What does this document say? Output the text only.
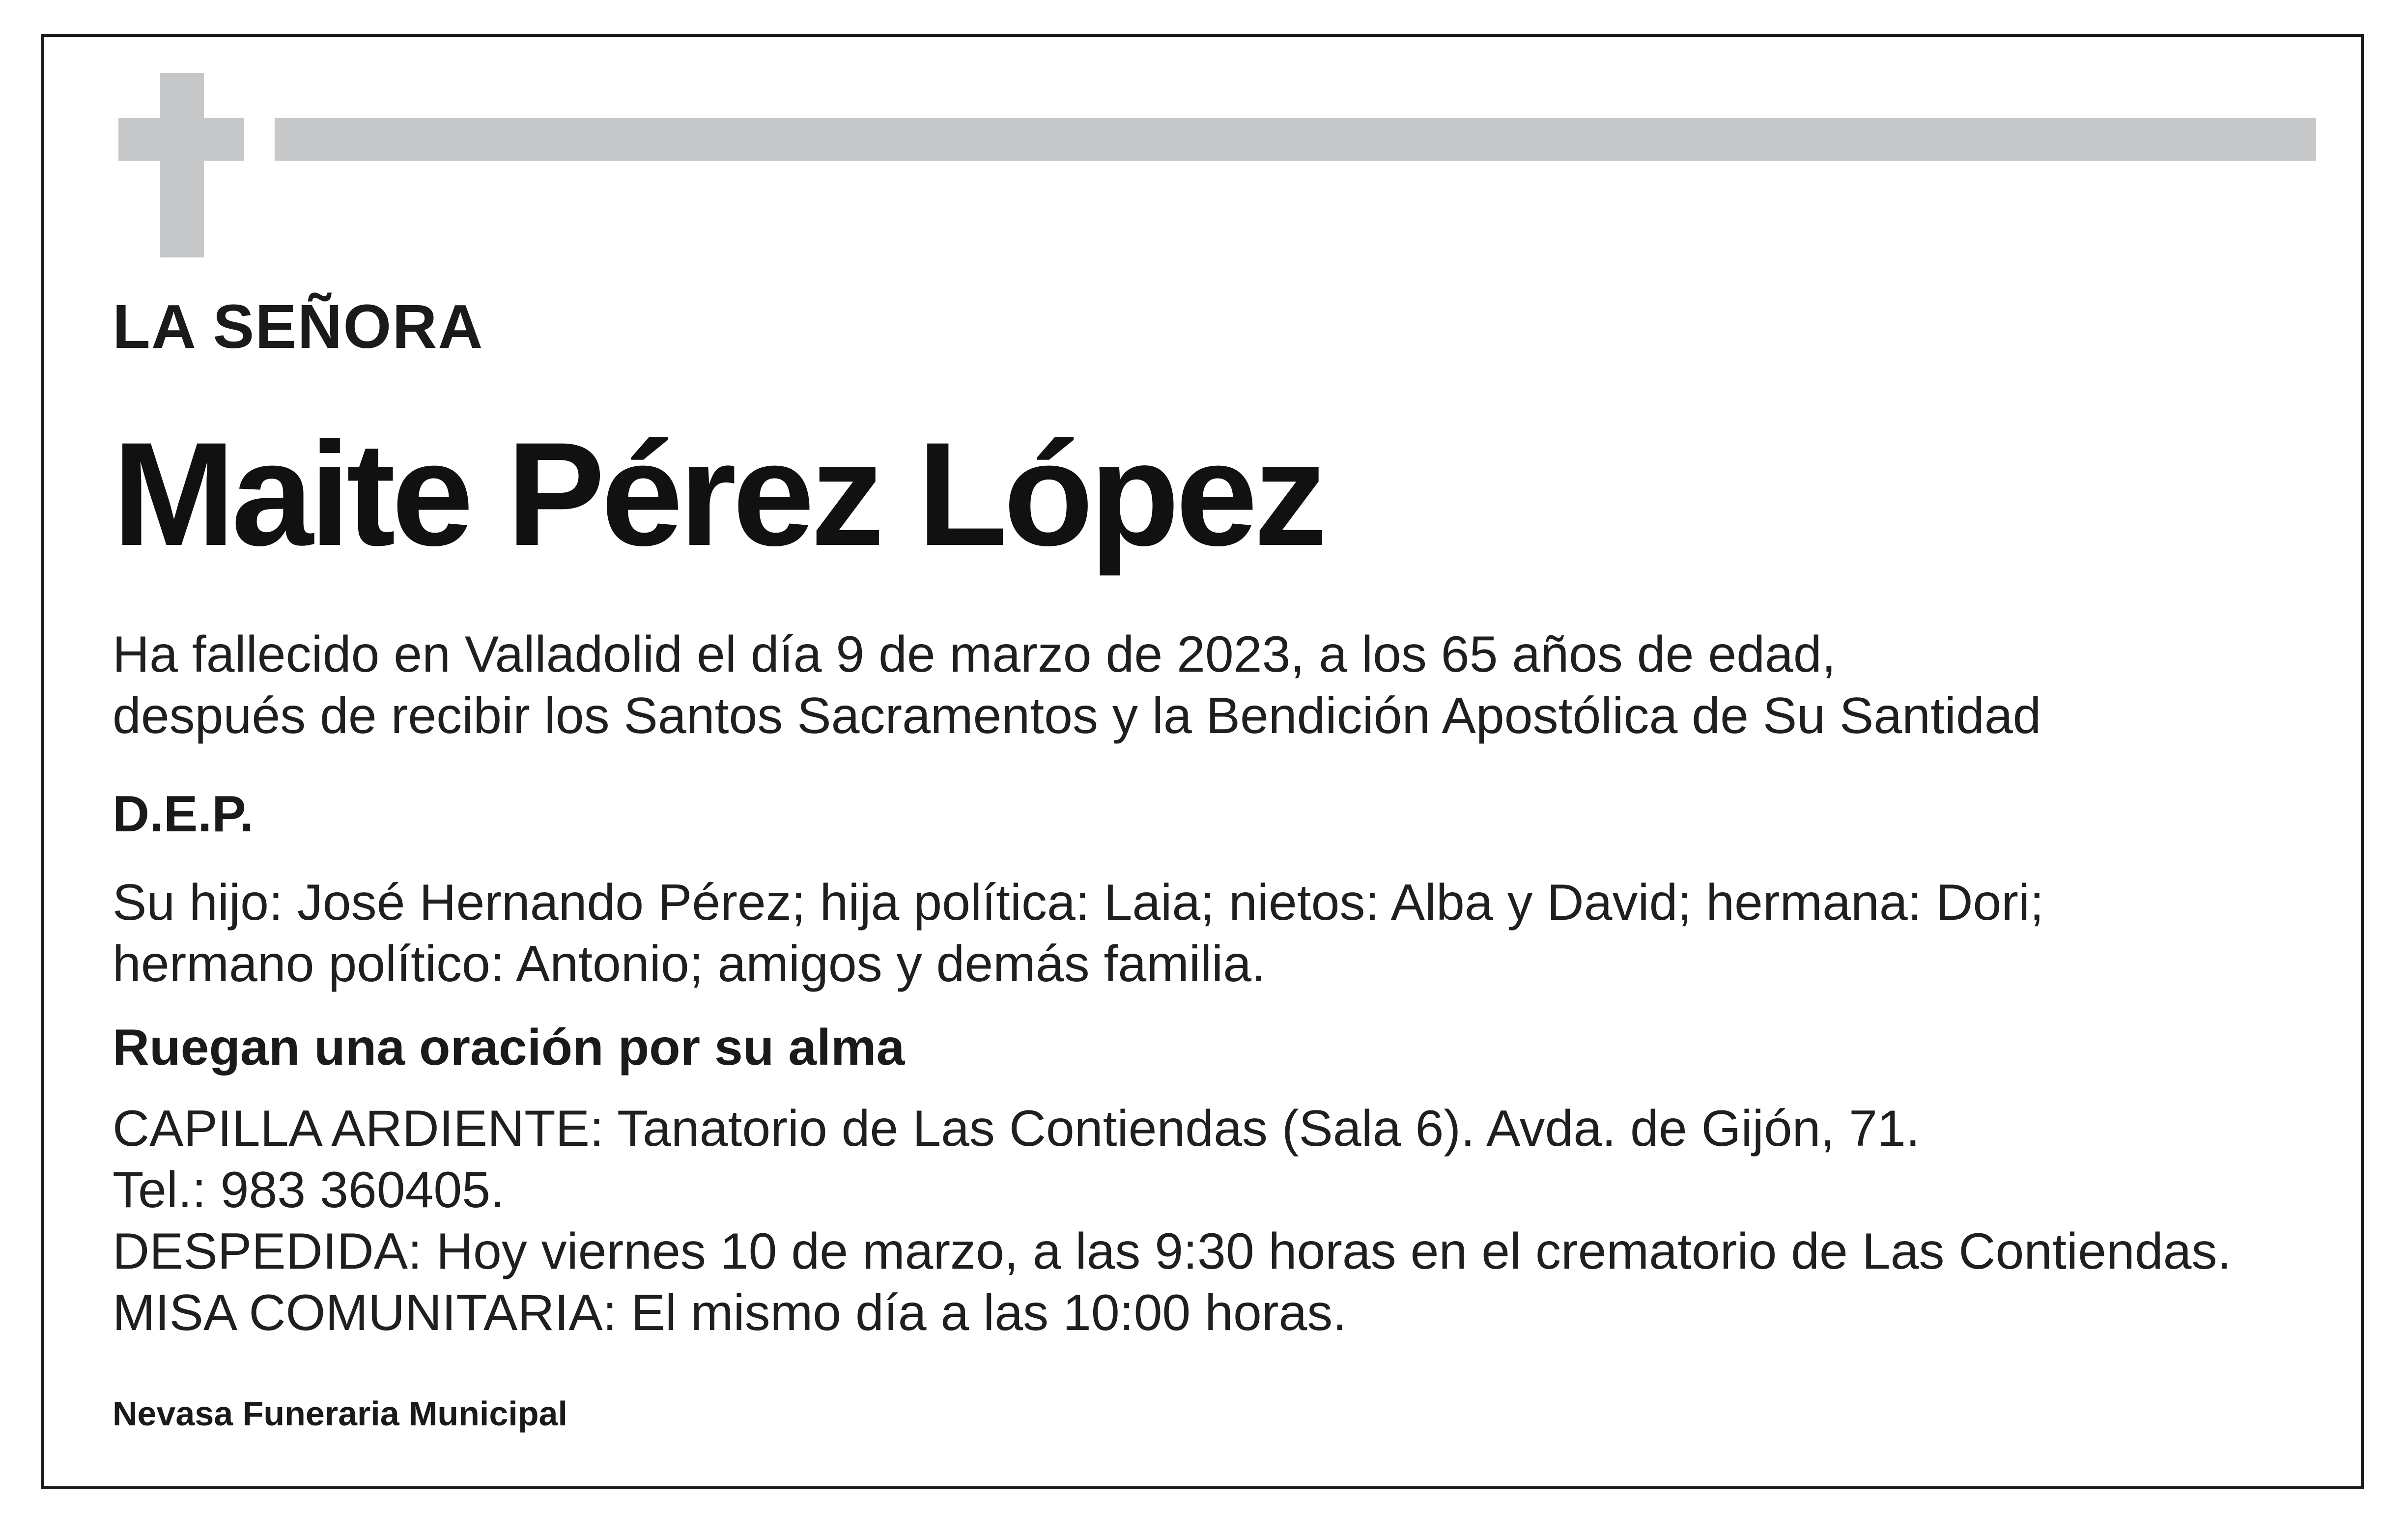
LA SEÑORA

Maite Pérez López

Ha fallecido en Valladolid el día 9 de marzo de 2023, a los 65 años de edad,

después de recibir los Santos Sacramentos y la Bendición Apostólica de Su Santidad

D.E.P.

Su hijo: José Hernando Pérez; hija política: Laia; nietos: Alba y David; hermana: Dori;

hermano político: Antonio; amigos y demás familia.

Ruegan una oración por su alma

CAPILLA ARDIENTE: Tanatorio de Las Contiendas (Sala 6). Avda. de Gijón, 71.

Tel.: 983 360405.

DESPEDIDA: Hoy viernes 10 de marzo, a las 9:30 horas en el crematorio de Las Contiendas.

MISA COMUNITARIA: El mismo día a las 10:00 horas.

Nevasa Funeraria Municipal
